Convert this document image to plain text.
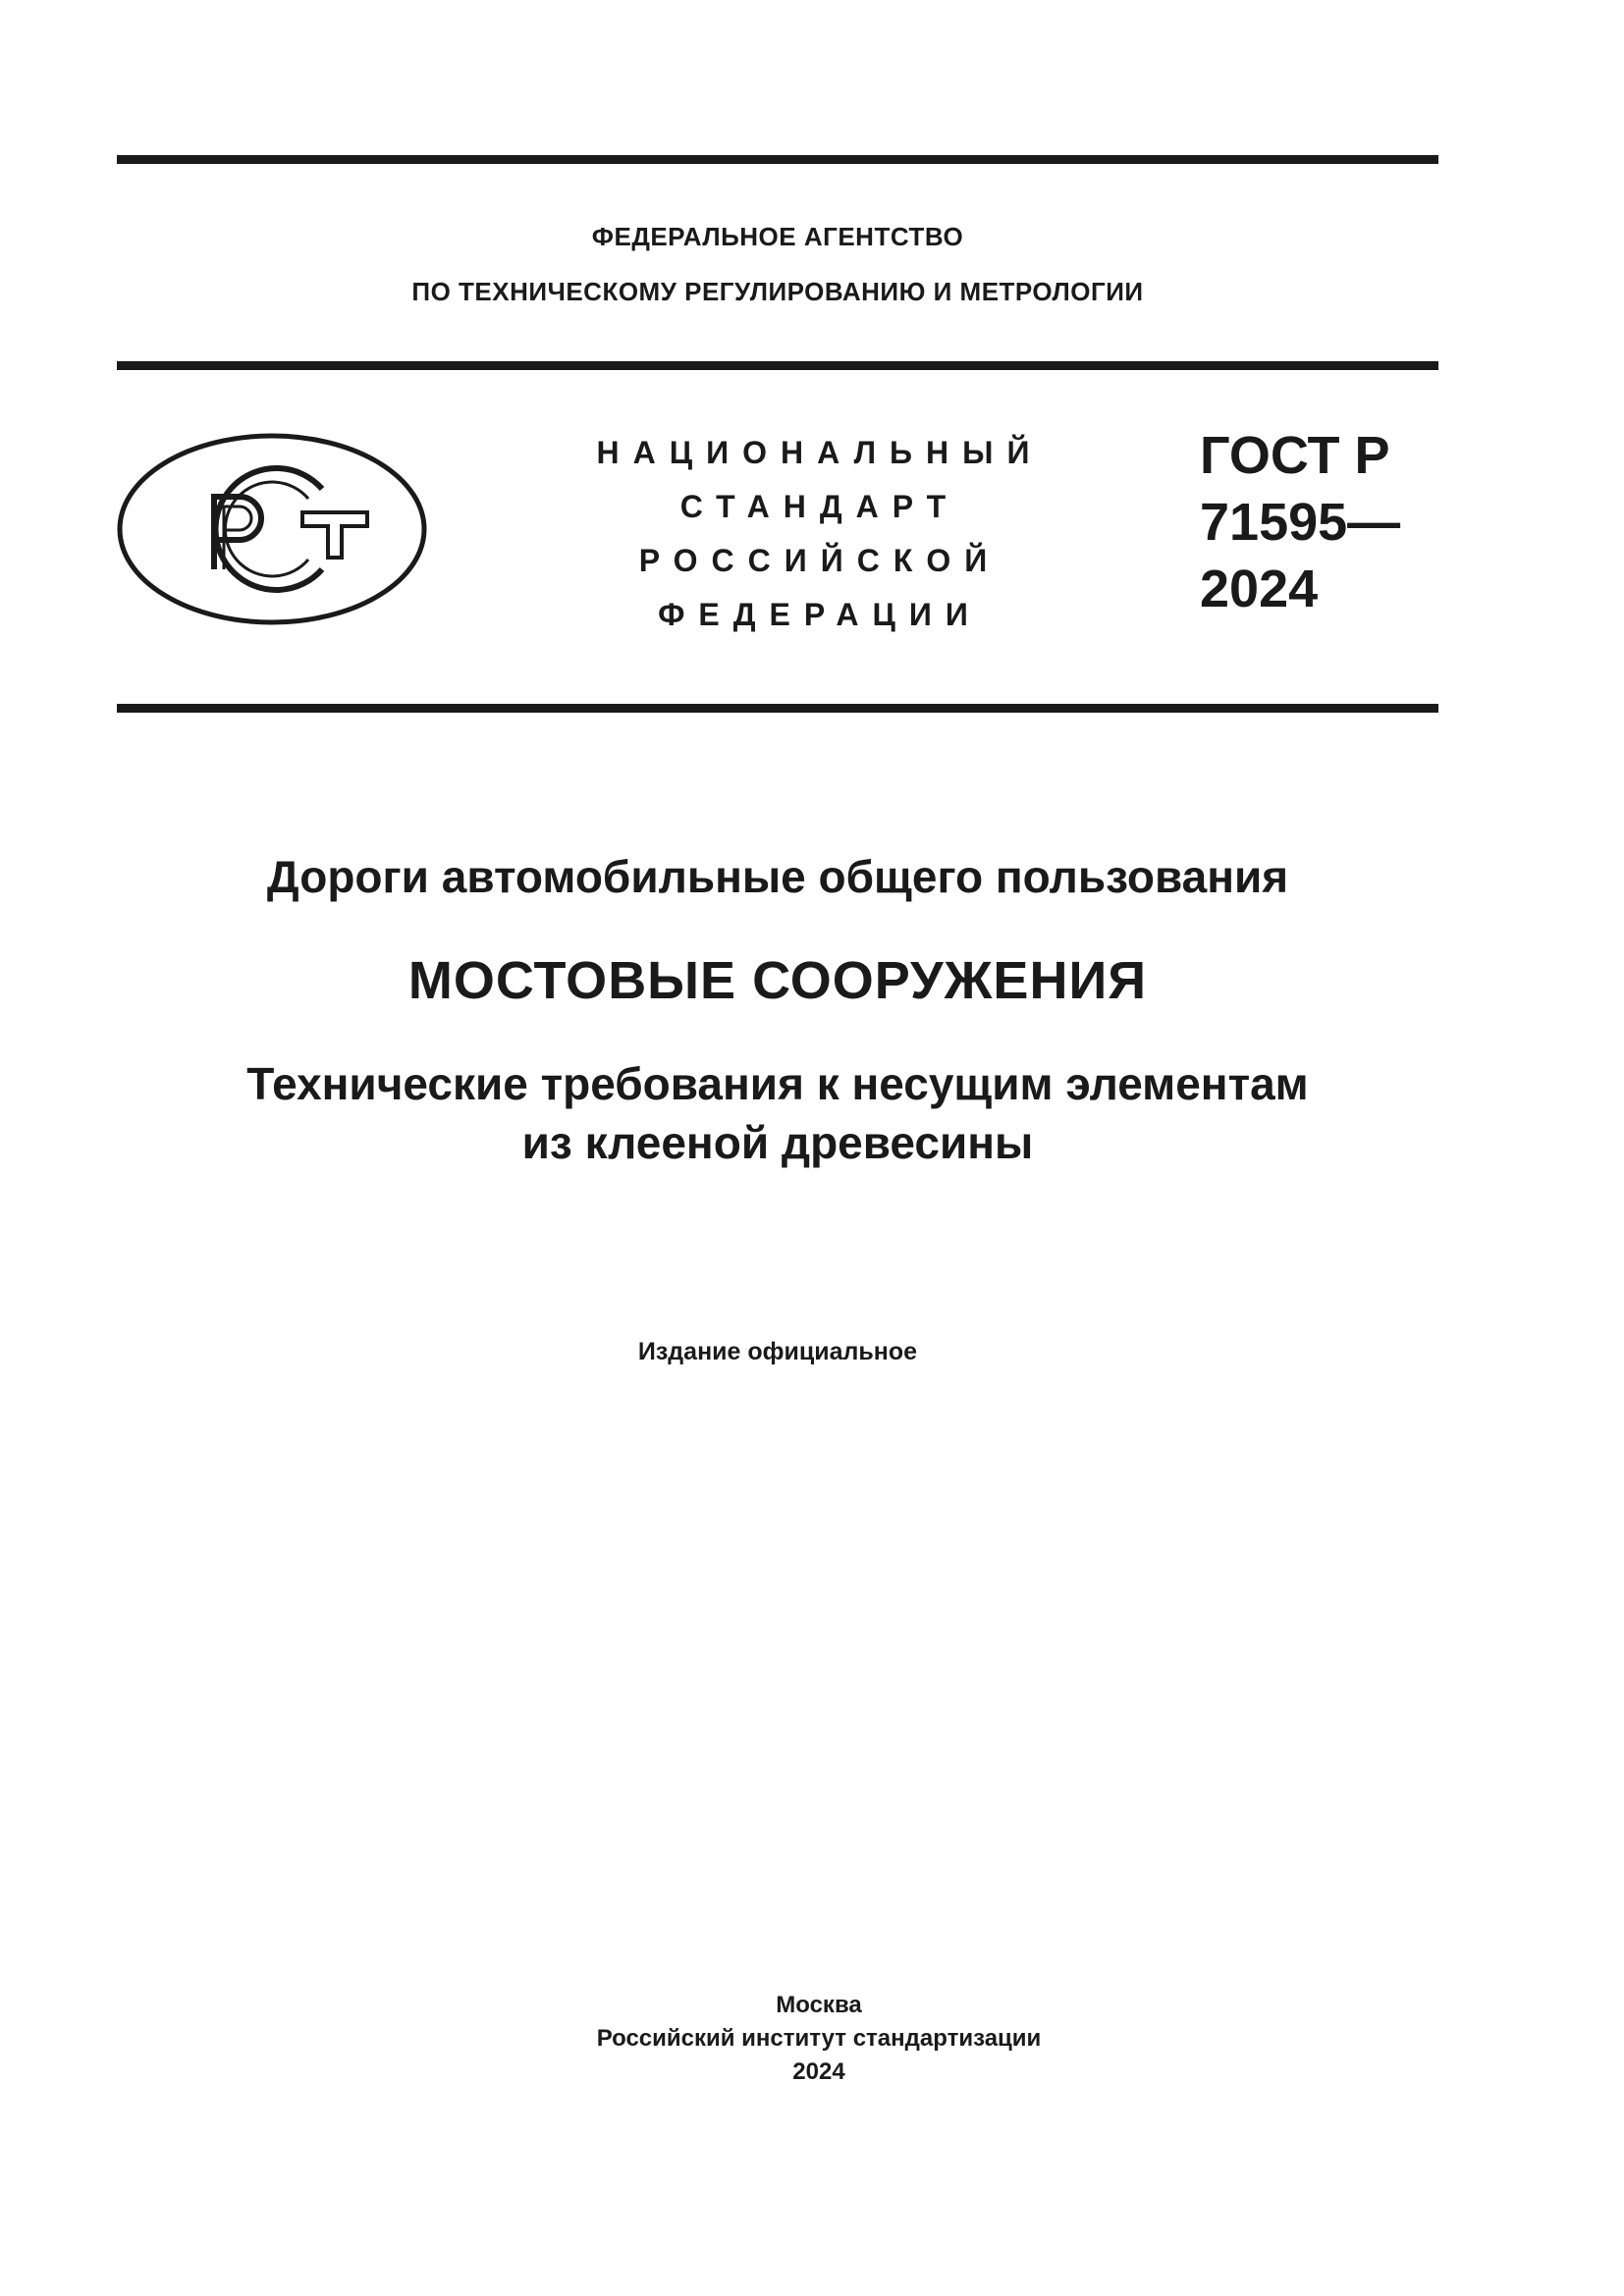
ФЕДЕРАЛЬНОЕ АГЕНТСТВО
ПО ТЕХНИЧЕСКОМУ РЕГУЛИРОВАНИЮ И МЕТРОЛОГИИ
НАЦИОНАЛЬНЫЙ
СТАНДАРТ
РОССИЙСКОЙ
ФЕДЕРАЦИИ
ГОСТ Р
71595—
2024
Дороги автомобильные общего пользования
МОСТОВЫЕ СООРУЖЕНИЯ
Технические требования к несущим элементам
из клееной древесины
Издание официальное
Москва
Российский институт стандартизации
2024
